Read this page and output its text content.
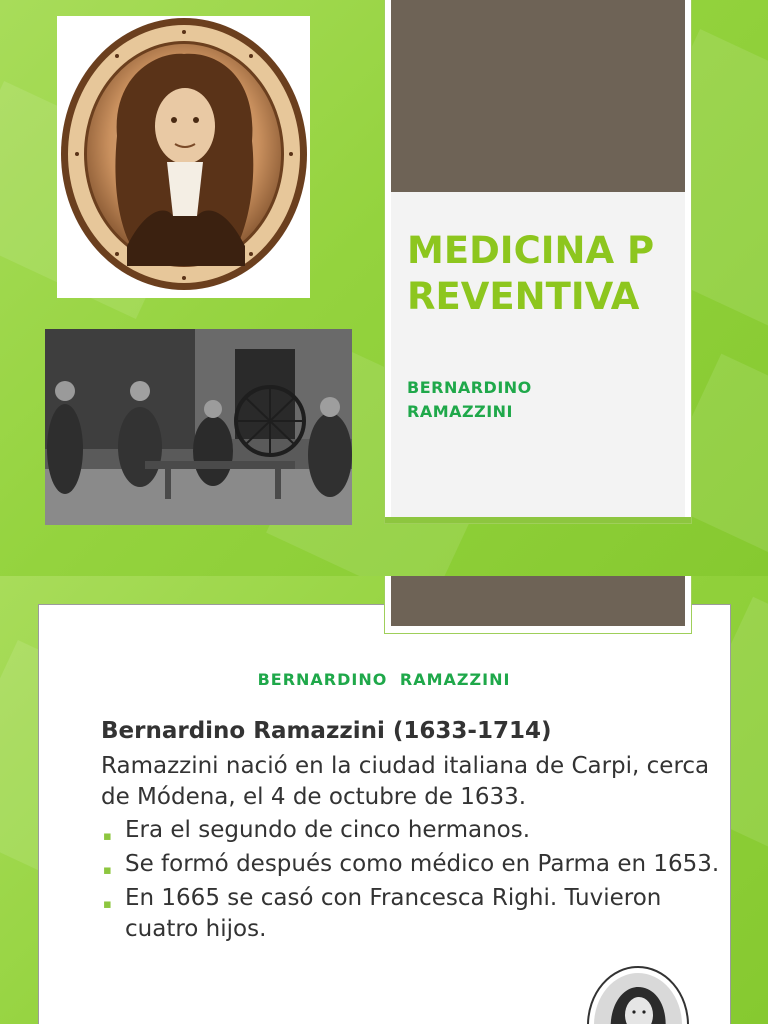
MEDICINA PREVENTIVA
BERNARDINO RAMAZZINI
BERNARDINO RAMAZZINI
Bernardino Ramazzini (1633-1714)
Ramazzini nació en la ciudad italiana de Carpi, cerca de Módena, el 4 de octubre de 1633.
▪ Era el segundo de cinco hermanos.
▪ Se formó después como médico en Parma en 1653.
▪ En 1665 se casó con Francesca Righi. Tuvieron cuatro hijos.
